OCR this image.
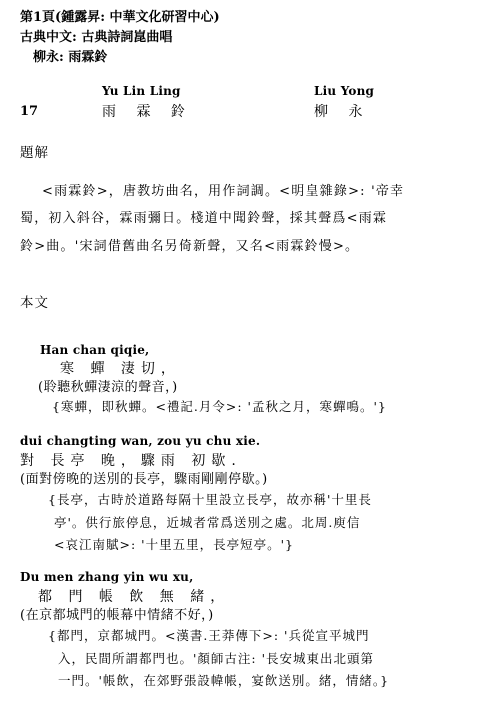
第1頁(鍾露昇: 中華文化研習中心)
古典中文: 古典詩詞崑曲唱
柳永: 雨霖鈴
Yu Lin Ling	Liu Yong
17	雨 霖 鈴	柳 永
題解
<雨霖鈴>，唐教坊曲名，用作詞調。<明皇雜錄>: '帝幸
蜀，初入斜谷，霖雨彌日。棧道中聞鈴聲，採其聲爲<雨霖
鈴>曲。'宋詞借舊曲名另倚新聲，又名<雨霖鈴慢>。
本文
Han chan qiqie,
寒 蟬 淒切，
(聆聽秋蟬淒涼的聲音，)
{寒蟬，即秋蟬。<禮記.月令>: '孟秋之月，寒蟬鳴。'}
dui changting wan, zou yu chu xie.
對 長亭 晚，驟雨 初歇.
(面對傍晚的送別的長亭，驟雨剛剛停歇。)
{長亭，古時於道路每隔十里設立長亭，故亦稱'十里長
亭'。供行旅停息，近城者常爲送別之處。北周.庾信
<哀江南賦>: '十里五里，長亭短亭。'}
Du men zhang yin wu xu,
都 門 帳 飲 無 緒，
(在京都城門的帳幕中情緒不好，)
{都門，京都城門。<漢書.王莽傳下>: '兵從宣平城門
入，民間所謂都門也。'顏師古注: '長安城東出北頭第
一門。'帳飲，在郊野張設幃帳，宴飲送別。緒，情緒。}
